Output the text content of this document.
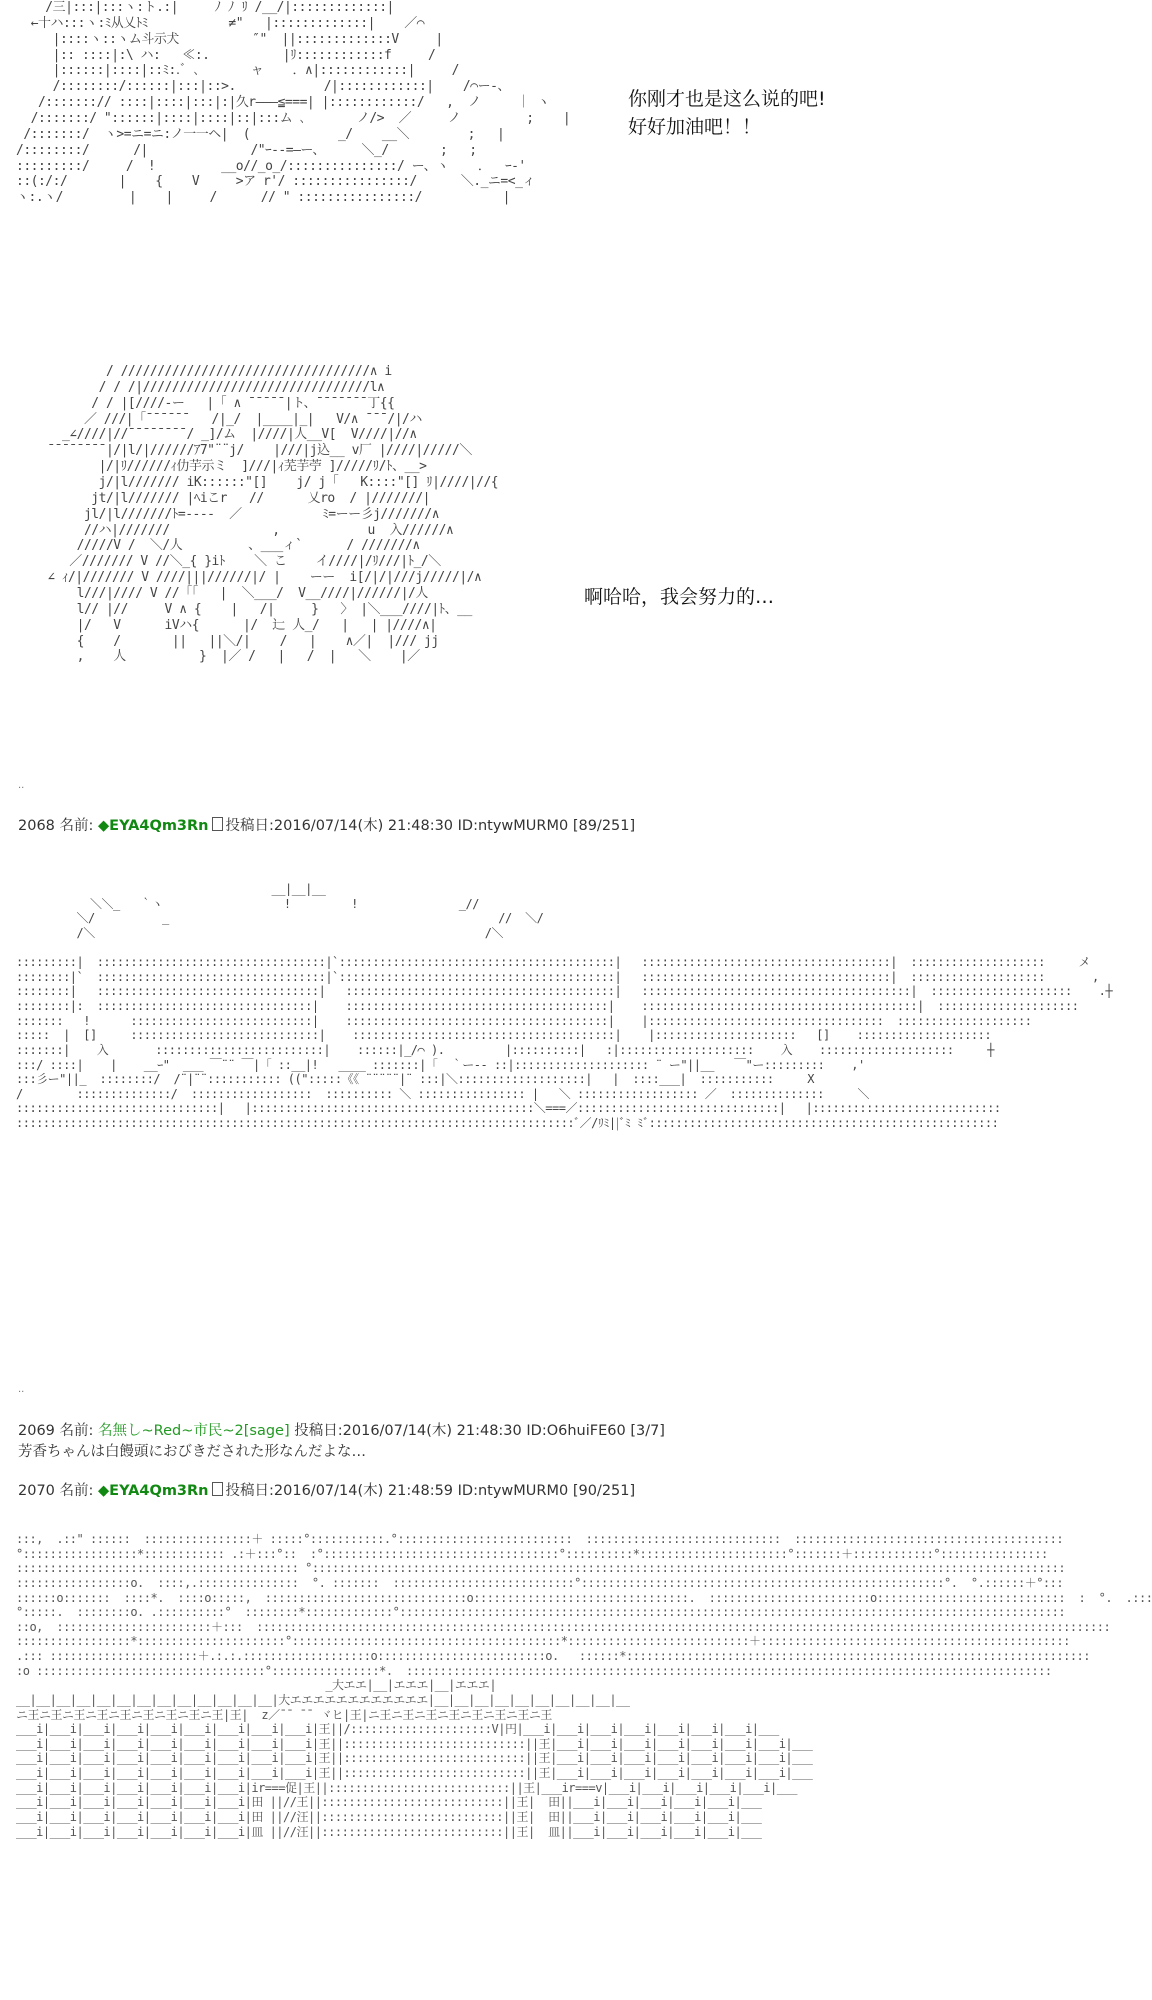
/三|:::|:::ヽ:ト.:|     ﾉ ﾉ ﾘ /__/|:::::::::::::|
←十ハ:::ヽ:ﾐ从乂ﾄﾐ           ≠"   |:::::::::::::|    ／⌒
|::::ヽ::ヽム斗示犬          ″"  ||:::::::::::::V     |
|:: ::::|:\ ハ:   ≪:.          |ﾘ::::::::::::f     /
|::::::|::::|::ﾐ:.ﾞ ､       ャ    ．∧|::::::::::::|     /
/::::::::/::::::|:::|::>.            /|::::::::::::|    /⌒ー-、
/:::::::// ::::|::::|:::|:|久r―――≦===| |::::::::::::/   ,  ノ     ｜ ヽ
/:::::::/ "::::::|::::|::::|::|:::ム ､       ノ/>  ／     ノ         ;    |
/:::::::/  ヽ>=ニ=ニ:ノ一一ヘ|  (            _/    __＼        ;   |
/::::::::/      /|              /"ｰ--=―ー、     ＼_/       ;   ;
:::::::::/     /  !         __o//_o_/:::::::::::::::/ ー、ヽ    ．  ｰ‐'
::(:/:/       |    {    V     >ア r'/ ::::::::::::::::/      ＼._ニ=<_ィ
ヽ:.ヽ/         |    |     /      // " ::::::::::::::::/           |
你刚才也是这么说的吧!
好好加油吧！！
/ //////////////////////////////////∧ i
/ / /|///////////////////////////////l∧
/ / |[////-ー   |「 ∧ ¯¯¯¯¯|ト、¯¯¯¯¯¯¯丁{{
／ ///|「¯¯¯¯¯¯   /|_/  |____|_|   V/∧ ¯¯¯/|/ハ
_∠////|//¯¯¯¯¯¯¯¯/ _]/ム  |////|人__V[  V////|//∧
¯¯¯¯¯¯¯¯|/|l/|//////ｱ7"¨¨j/    |///|j込__ v厂 |////|/////＼
|/|ﾘ//////ｨ仂芋示ミ  ]///|ｨ芜芋苧 ]/////ﾘ/ﾄ、__>
j/|l/////// iK::::::"[]    j/ j「   K::::"[] ﾘ|////|//{
jt/|l/////// |ﾍiこr   //      乂ro  / |///////|
jl/|l///////ﾄ=----  ／           ﾐ=ーー彡j///////∧
//ハ|///////              ,            u  入//////∧
/////V /  ＼/人         、___ィ`      / ///////∧
／/////// V //＼_{ }iﾄ    ＼ こ    イ////|/ﾘ///|ﾄ_/＼
∠ ｨ/|/////// V ////|||//////|/ |    ーー  i[/|/|///j/////|/∧
l///|//// V //「「   |  ＼___/  V__////|//////|/人
l// |//     V ∧ {    |   /|     }   〉 |＼___////|ﾄ、__
|/   V      iVハ{      |/  辷 人_/   |   | |////∧|
{    /       ||   ||＼/|    /   |    ∧／|  |/// jj
,    人          }  |／ /   |   /  |   ＼    |／
啊哈哈，我会努力的…
..
2068 名前: ◆EYA4Qm3Rn 投稿日:2016/07/14(木) 21:48:30 ID:ntywMURM0 [89/251]
__|__|__
＼＼_   ｀ヽ                  !         !               _//
＼/          _                                                 //  ＼/
/＼                                                          /＼

:::::::::|  ::::::::::::::::::::::::::::::::::|`:::::::::::::::::::::::::::::::::::::::::|   :::::::::::::::::::::::::::::::::::::|  ::::::::::::::::::::     メ
::::::::|`  ::::::::::::::::::::::::::::::::::|`:::::::::::::::::::::::::::::::::::::::::|   :::::::::::::::::::::::::::::::::::::|  ::::::::::::::::::::       ,
::::::::|   :::::::::::::::::::::::::::::::::|   ::::::::::::::::::::::::::::::::::::::::|   ::::::::::::::::::::::::::::::::::::::::|  :::::::::::::::::::::    .┼
::::::::|:  ::::::::::::::::::::::::::::::::|    :::::::::::::::::::::::::::::::::::::::|    :::::::::::::::::::::::::::::::::::::::::|  :::::::::::::::::::::
:::::::   !      :::::::::::::::::::::::::::|    :::::::::::::::::::::::::::::::::::::::|    |:::::::::::::::::::::::::::::::::::  ::::::::::::::::::::
:::::  |  []     ::::::::::::::::::::::::::::|    :::::::::::::::::::::::::::::::::::::::|    |:::::::::::::::::::::   []    ::::::::::::::::::::
:::::::|    入       :::::::::::::::::::::::::|    ::::::|_/⌒ ).         |::::::::::|   :|::::::::::::::::::::    入    ::::::::::::::::::::     ┼
:::/ ::::|    |    __ｰ"  ___ ￣¨¨ ￣|「 ::__|!   ____ :::::::|「  ｀ー-- ::|:::::::::::::::::::: ¨ ー"||__   ￣"ー:::::::::    ,'
:::彡ー"||_  ::::::::/  /¨|¨¨::::::::::: ((":::::《《 ¨¨¨¨¨|¨ :::|＼:::::::::::::::::::|   |  ::::___|  :::::::::::     X
/        ::::::::::::::/  ::::::::::::::::::  :::::::::: ＼ :::::::::::::::: |   ＼ :::::::::::::::::: ／  ::::::::::::::     ＼
::::::::::::::::::::::::::::::|   |::::::::::::::::::::::::::::::::::::::::::＼===／::::::::::::::::::::::::::::::|   |::::::::::::::::::::::::::::
:::::::::::::::::::::::::::::::::::::::::::::::::::::::::::::::::::::::::::::::::::ﾞ／/ﾘﾐ||ﾞﾐ ﾐﾞ::::::::::::::::::::::::::::::::::::::::::::::::::::
..
2069 名前: 名無し~Red~市民~2[sage] 投稿日:2016/07/14(木) 21:48:30 ID:O6huiFE60 [3/7]
芳香ちゃんは白饅頭におびきだされた形なんだよな…
2070 名前: ◆EYA4Qm3Rn 投稿日:2016/07/14(木) 21:48:59 ID:ntywMURM0 [90/251]
:::,  .::" ::::::  ::::::::::::::::＋ :::::°:::::::::::.°::::::::::::::::::::::::::  :::::::::::::::::::::::::::::  ::::::::::::::::::::::::::::::::::::::::
°:::::::::::::::::*:::::::::::: .:＋:::°::  :°:::::::::::::::::::::::::::::::::::°::::::::::*::::::::::::::::::::::°:::::::＋::::::::::::°::::::::::::::::
:::::::::::::::::::::::::::::::::::::::::: °::::::::::::::::::::::::::::::::::::::::::::::::::::::::::::::::::::::::::::::::::::::::::::::::::::::::::::::::
:::::::::::::::::o.  ::::,.:::::::::::::::  °. :::::::  :::::::::::::::::::::::::::°::::::::::::::::::::::::::::::::::::::::::::::::::::::°.  °.::::::＋°:::
::::::o:::::::  ::::*.  ::::o:::::,  ::::::::::::::::::::::::::::::o::::::::::::::::::::::::::::::::.  ::::::::::::::::::::::::o::::::::::::::::::::::::::::  :  °.  .:::
°:::::.  ::::::::o. .::::::::::°  ::::::::*:::::::::::::°:::::::::::::::::::::::::::::::::::::::::::::::::::::::::::::::::::::::::::::::::::::::::::::::::::
::o,  :::::::::::::::::::::::＋:::  :::::::::::::::::::::::::::::::::::::::::::::::::::::::::::::::::::::::::::::::::::::::::::::::::::::::::::::::::::::::::::::::
:::::::::::::::::*::::::::::::::::::::::°::::::::::::::::::::::::::::::::::::::::*:::::::::::::::::::::::::::＋::::::::::::::::::::::::::::::::::::::::::::::
.::: ::::::::::::::::::::::＋.:.:.:::::::::::::::::::o:::::::::::::::::::::::::o.   ::::::*:::::::::::::::::::::::::::::::::::::::::::::::::::::::::::::::::::::
:o ::::::::::::::::::::::::::::::::::°::::::::::::::::*.  ::::::::::::::::::::::::::::::::::::::::::::::::::::::::::::::::::::::::::::::::::::::::::::::::
_大エエ|__|エエエ|__|エエエ|
__|__|__|__|__|__|__|__|__|__|__|__|__|大エエエエエエエエエエエエ|__|__|__|__|__|__|__|__|__|__
ニ王ニ王ニ王ニ王ニ王ニ王ニ王ニ王ニ王|王|  z／¯¯ ¯¯ ヾヒ|王|ニ王ニ王ニ王ニ王ニ王ニ王ニ王ニ王
___i|___i|___i|___i|___i|___i|___i|___i|___i|王||/:::::::::::::::::::::V|円|___i|___i|___i|___i|___i|___i|___i|___
___i|___i|___i|___i|___i|___i|___i|___i|___i|王||:::::::::::::::::::::::::::||王|___i|___i|___i|___i|___i|___i|___i|___
___i|___i|___i|___i|___i|___i|___i|___i|___i|王||:::::::::::::::::::::::::::||王|___i|___i|___i|___i|___i|___i|___i|___
___i|___i|___i|___i|___i|___i|___i|___i|___i|王||:::::::::::::::::::::::::::||王|___i|___i|___i|___i|___i|___i|___i|___
___i|___i|___i|___i|___i|___i|___i|ir===促|王||:::::::::::::::::::::::::::||王|___ir===v|___i|___i|___i|___i|___i|___
___i|___i|___i|___i|___i|___i|___i|田 ||//王||:::::::::::::::::::::::::::||王|  田||___i|___i|___i|___i|___i|___
___i|___i|___i|___i|___i|___i|___i|田 ||//汪||:::::::::::::::::::::::::::||王|  田||___i|___i|___i|___i|___i|___
___i|___i|___i|___i|___i|___i|___i|皿 ||//汪||:::::::::::::::::::::::::::||王|  皿||___i|___i|___i|___i|___i|___
